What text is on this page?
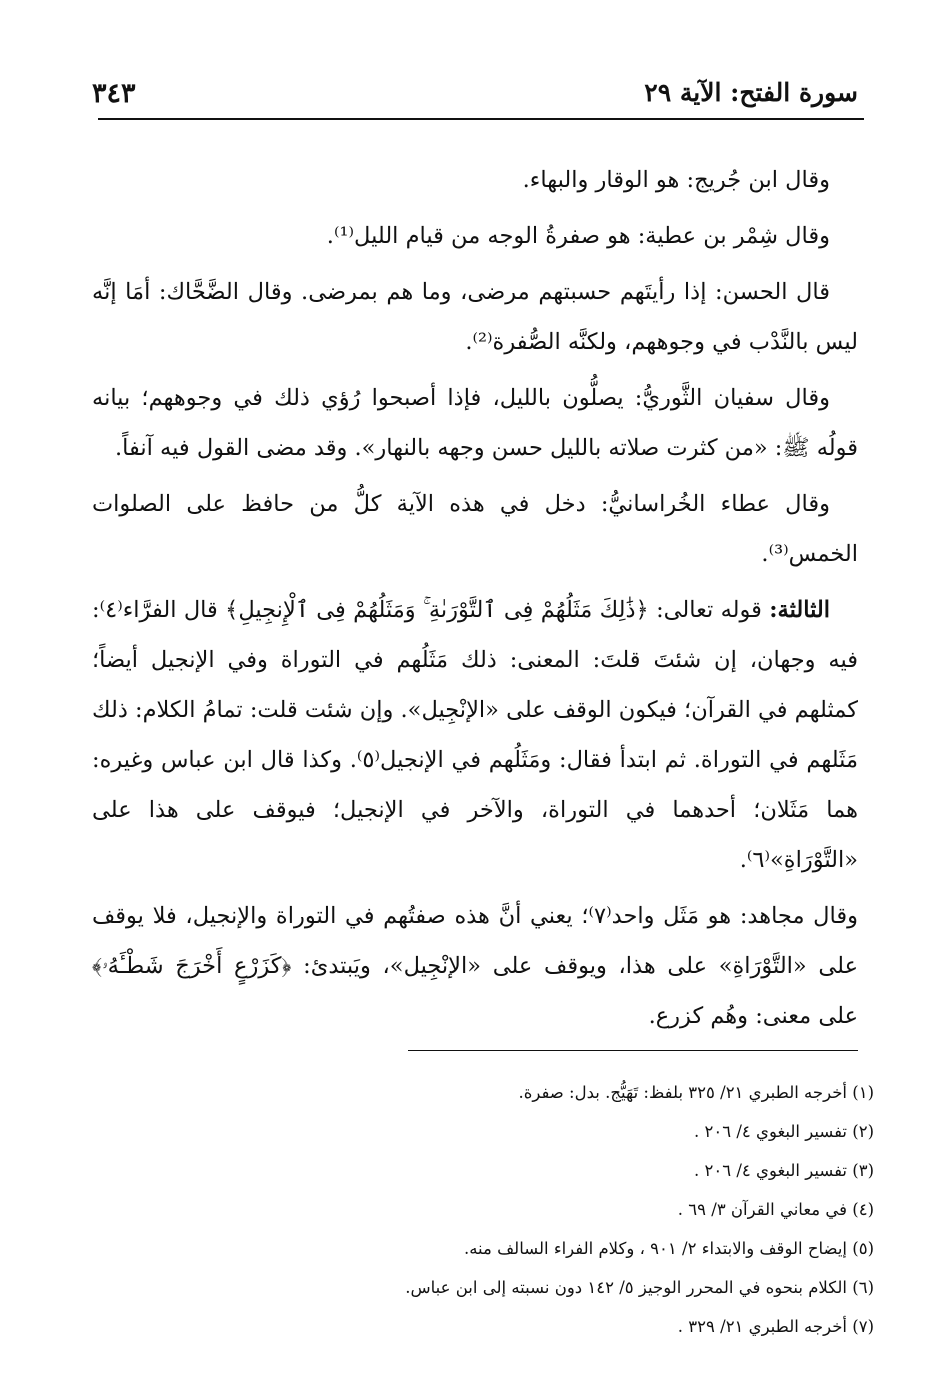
سورة الفتح: الآية ٢٩
٣٤٣

وقال ابن جُريج: هو الوقار والبهاء.

وقال شِمْر بن عطية: هو صفرةُ الوجه من قيام الليل⁽¹⁾.

قال الحسن: إذا رأيتَهم حسبتهم مرضى، وما هم بمرضى. وقال الضَّحَّاك: أمَا إنَّه ليس بالنَّدْب في وجوههم، ولكنَّه الصُّفرة⁽²⁾.

وقال سفيان الثَّوريُّ: يصلُّون بالليل، فإذا أصبحوا رُؤي ذلك في وجوههم؛ بيانه قولُه ﷺ: «من كثرت صلاته بالليل حسن وجهه بالنهار». وقد مضى القول فيه آنفاً.

وقال عطاء الخُراسانيُّ: دخل في هذه الآية كلُّ من حافظ على الصلوات الخمس⁽³⁾.

الثالثة: قوله تعالى: ﴿ذَٰلِكَ مَثَلُهُمْ فِى ٱلتَّوْرَىٰةِ ۚ وَمَثَلُهُمْ فِى ٱلْإِنجِيلِ﴾ قال الفرَّاء⁽٤⁾: فيه وجهان، إن شئتَ قلتَ: المعنى: ذلك مَثَلُهم في التوراة وفي الإنجيل أيضاً؛ كمثلهم في القرآن؛ فيكون الوقف على «الإنْجِيل». وإن شئت قلت: تمامُ الكلام: ذلك مَثَلهم في التوراة. ثم ابتدأ فقال: ومَثَلُهم في الإنجيل⁽٥⁾. وكذا قال ابن عباس وغيره: هما مَثَلان؛ أحدهما في التوراة، والآخر في الإنجيل؛ فيوقف على هذا على «التَّوْرَاةِ»⁽٦⁾.

وقال مجاهد: هو مَثَل واحد⁽٧⁾؛ يعني أنَّ هذه صفتُهم في التوراة والإنجيل، فلا يوقف على «التَّوْرَاةِ» على هذا، ويوقف على «الإنْجِيل»، ويَبتدئ: ﴿كَزَرْعٍ أَخْرَجَ شَطْـَٔهُۥ﴾ على معنى: وهُم كزرع.

(١) أخرجه الطبري ٢١/ ٣٢٥ بلفظ: تَهَيُّج. بدل: صفرة.
(٢) تفسير البغوي ٤/ ٢٠٦ .
(٣) تفسير البغوي ٤/ ٢٠٦ .
(٤) في معاني القرآن ٣/ ٦٩ .
(٥) إيضاح الوقف والابتداء ٢/ ٩٠١ ، وكلام الفراء السالف منه.
(٦) الكلام بنحوه في المحرر الوجيز ٥/ ١٤٢ دون نسبته إلى ابن عباس.
(٧) أخرجه الطبري ٢١/ ٣٢٩ .
